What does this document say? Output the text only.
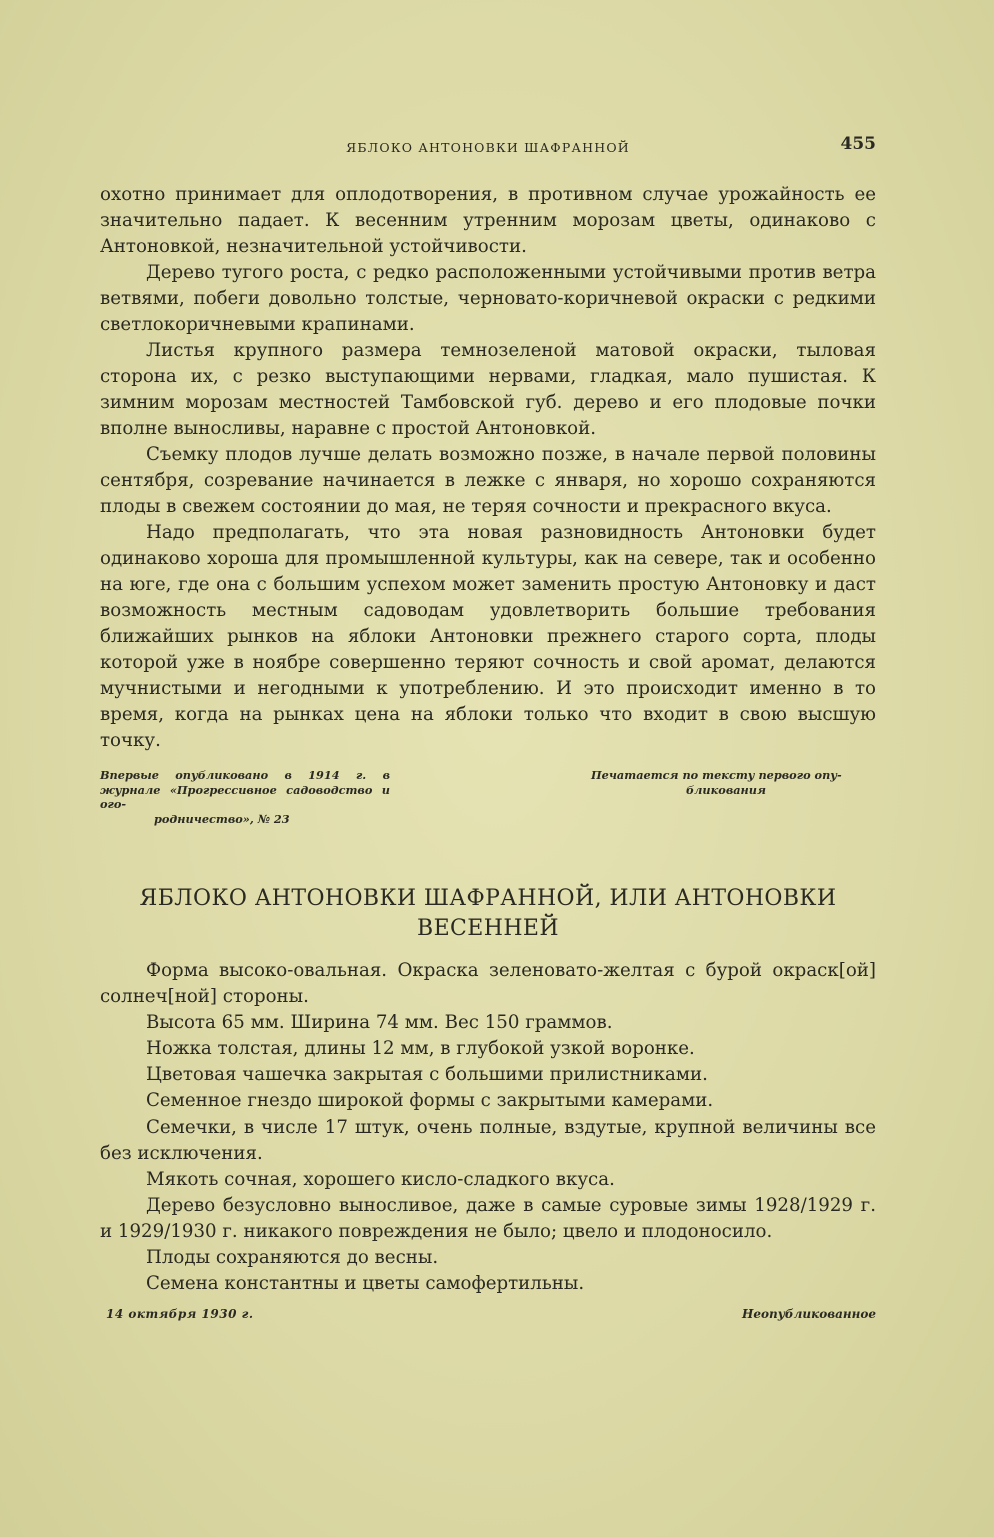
ЯБЛОКО АНТОНОВКИ ШАФРАННОЙ	455

охотно принимает для оплодотворения, в противном случае урожайность ее значительно падает. К весенним утренним морозам цветы, одинаково с Антоновкой, незначительной устойчивости.

Дерево тугого роста, с редко расположенными устойчивыми против ветра ветвями, побеги довольно толстые, черновато-коричневой окраски с редкими светлокоричневыми крапинами.

Листья крупного размера темнозеленой матовой окраски, тыловая сторона их, с резко выступающими нервами, гладкая, мало пушистая. К зимним морозам местностей Тамбовской губ. дерево и его плодовые почки вполне выносливы, наравне с простой Антоновкой.

Съемку плодов лучше делать возможно позже, в начале первой половины сентября, созревание начинается в лежке с января, но хорошо сохраняются плоды в свежем состоянии до мая, не теряя сочности и прекрасного вкуса.

Надо предполагать, что эта новая разновидность Антоновки будет одинаково хороша для промышленной культуры, как на севере, так и особенно на юге, где она с большим успехом может заменить простую Антоновку и даст возможность местным садоводам удовлетворить большие требования ближайших рынков на яблоки Антоновки прежнего старого сорта, плоды которой уже в ноябре совершенно теряют сочность и свой аромат, делаются мучнистыми и негодными к употреблению. И это происходит именно в то время, когда на рынках цена на яблоки только что входит в свою высшую точку.

Впервые опубликовано в 1914 г. в журнале «Прогрессивное садоводство и ого-
родничество», № 23
Печатается по тексту первого опу-
бликования
ЯБЛОКО АНТОНОВКИ ШАФРАННОЙ, ИЛИ АНТОНОВКИ
ВЕСЕННЕЙ

Форма высоко-овальная. Окраска зеленовато-желтая с бурой окраск[ой] солнеч[ной] стороны.

Высота 65 мм. Ширина 74 мм. Вес 150 граммов.

Ножка толстая, длины 12 мм, в глубокой узкой воронке.

Цветовая чашечка закрытая с большими прилистниками.

Семенное гнездо широкой формы с закрытыми камерами.

Семечки, в числе 17 штук, очень полные, вздутые, крупной величины все без исключения.

Мякоть сочная, хорошего кисло-сладкого вкуса.

Дерево безусловно выносливое, даже в самые суровые зимы 1928/1929 г. и 1929/1930 г. никакого повреждения не было; цвело и плодоносило.

Плоды сохраняются до весны.

Семена константны и цветы самофертильны.

14 октября 1930 г.	Неопубликованное
